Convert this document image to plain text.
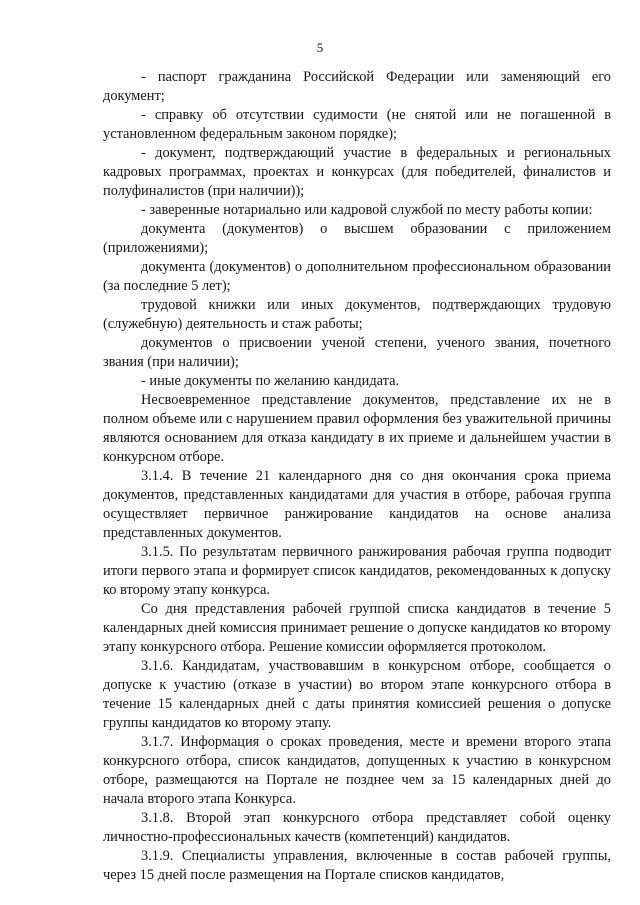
5

- паспорт гражданина Российской Федерации или заменяющий его документ;

- справку об отсутствии судимости (не снятой или не погашенной в установленном федеральным законом порядке);

- документ, подтверждающий участие в федеральных и региональных кадровых программах, проектах и конкурсах (для победителей, финалистов и полуфиналистов (при наличии));

- заверенные нотариально или кадровой службой по месту работы копии:

документа (документов) о высшем образовании с приложением (приложениями);

документа (документов) о дополнительном профессиональном образовании (за последние 5 лет);

трудовой книжки или иных документов, подтверждающих трудовую (служебную) деятельность и стаж работы;

документов о присвоении ученой степени, ученого звания, почетного звания (при наличии);

- иные документы по желанию кандидата.

Несвоевременное представление документов, представление их не в полном объеме или с нарушением правил оформления без уважительной причины являются основанием для отказа кандидату в их приеме и дальнейшем участии в конкурсном отборе.

3.1.4. В течение 21 календарного дня со дня окончания срока приема документов, представленных кандидатами для участия в отборе, рабочая группа осуществляет первичное ранжирование кандидатов на основе анализа представленных документов.

3.1.5. По результатам первичного ранжирования рабочая группа подводит итоги первого этапа и формирует список кандидатов, рекомендованных к допуску ко второму этапу конкурса.

Со дня представления рабочей группой списка кандидатов в течение 5 календарных дней комиссия принимает решение о допуске кандидатов ко второму этапу конкурсного отбора. Решение комиссии оформляется протоколом.

3.1.6. Кандидатам, участвовавшим в конкурсном отборе, сообщается о допуске к участию (отказе в участии) во втором этапе конкурсного отбора в течение 15 календарных дней с даты принятия комиссией решения о допуске группы кандидатов ко второму этапу.

3.1.7. Информация о сроках проведения, месте и времени второго этапа конкурсного отбора, список кандидатов, допущенных к участию в конкурсном отборе, размещаются на Портале не позднее чем за 15 календарных дней до начала второго этапа Конкурса.

3.1.8. Второй этап конкурсного отбора представляет собой оценку личностно-профессиональных качеств (компетенций) кандидатов.

3.1.9. Специалисты управления, включенные в состав рабочей группы, через 15 дней после размещения на Портале списков кандидатов,
